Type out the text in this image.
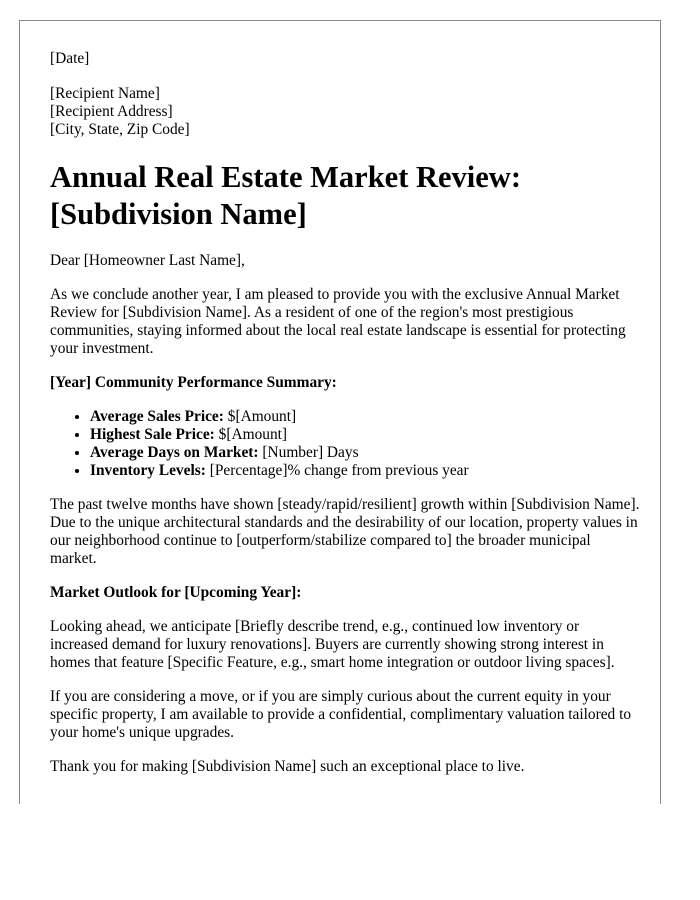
[Date]

[Recipient Name]
[Recipient Address]
[City, State, Zip Code]
Annual Real Estate Market Review:
[Subdivision Name]

Dear [Homeowner Last Name],

As we conclude another year, I am pleased to provide you with the exclusive Annual Market Review for [Subdivision Name]. As a resident of one of the region's most prestigious communities, staying informed about the local real estate landscape is essential for protecting your investment.

[Year] Community Performance Summary:

• Average Sales Price: $[Amount]
• Highest Sale Price: $[Amount]
• Average Days on Market: [Number] Days
• Inventory Levels: [Percentage]% change from previous year

The past twelve months have shown [steady/rapid/resilient] growth within [Subdivision Name]. Due to the unique architectural standards and the desirability of our location, property values in our neighborhood continue to [outperform/stabilize compared to] the broader municipal market.

Market Outlook for [Upcoming Year]:

Looking ahead, we anticipate [Briefly describe trend, e.g., continued low inventory or increased demand for luxury renovations]. Buyers are currently showing strong interest in homes that feature [Specific Feature, e.g., smart home integration or outdoor living spaces].

If you are considering a move, or if you are simply curious about the current equity in your specific property, I am available to provide a confidential, complimentary valuation tailored to your home's unique upgrades.

Thank you for making [Subdivision Name] such an exceptional place to live.
